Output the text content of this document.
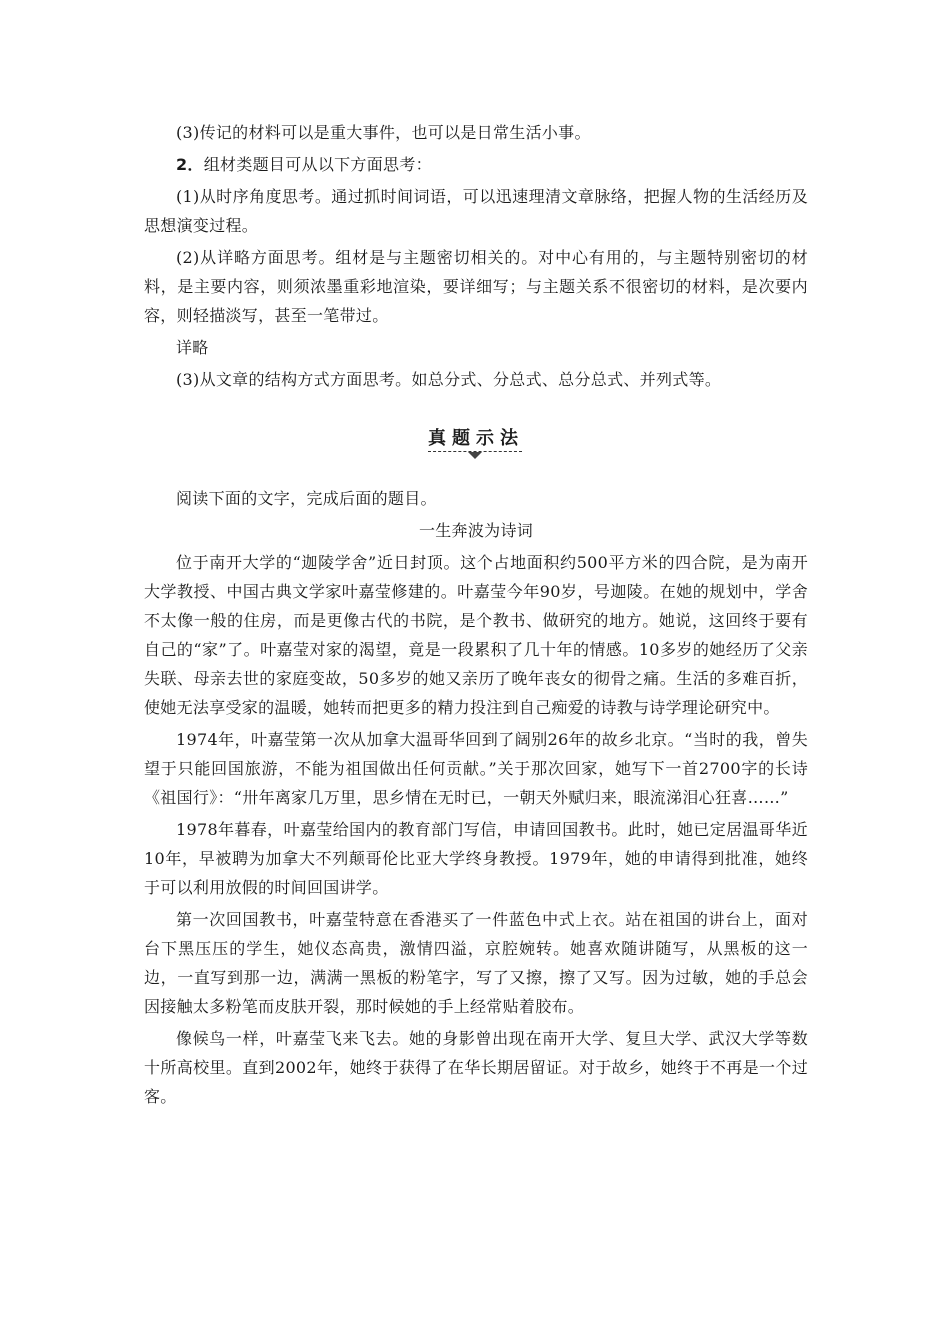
(3)传记的材料可以是重大事件，也可以是日常生活小事。

2．组材类题目可从以下方面思考：

(1)从时序角度思考。通过抓时间词语，可以迅速理清文章脉络，把握人物的生活经历及思想演变过程。

(2)从详略方面思考。组材是与主题密切相关的。对中心有用的，与主题特别密切的材料，是主要内容，则须浓墨重彩地渲染，要详细写；与主题关系不很密切的材料，是次要内容，则轻描淡写，甚至一笔带过。

详略

(3)从文章的结构方式方面思考。如总分式、分总式、总分总式、并列式等。

真题示法

阅读下面的文字，完成后面的题目。

一生奔波为诗词

位于南开大学的“迦陵学舍”近日封顶。这个占地面积约500平方米的四合院，是为南开大学教授、中国古典文学家叶嘉莹修建的。叶嘉莹今年90岁，号迦陵。在她的规划中，学舍不太像一般的住房，而是更像古代的书院，是个教书、做研究的地方。她说，这回终于要有自己的“家”了。叶嘉莹对家的渴望，竟是一段累积了几十年的情感。10多岁的她经历了父亲失联、母亲去世的家庭变故，50多岁的她又亲历了晚年丧女的彻骨之痛。生活的多难百折，使她无法享受家的温暖，她转而把更多的精力投注到自己痴爱的诗教与诗学理论研究中。

1974年，叶嘉莹第一次从加拿大温哥华回到了阔别26年的故乡北京。“当时的我，曾失望于只能回国旅游，不能为祖国做出任何贡献。”关于那次回家，她写下一首2700字的长诗《祖国行》：“卅年离家几万里，思乡情在无时已，一朝天外赋归来，眼流涕泪心狂喜……”

1978年暮春，叶嘉莹给国内的教育部门写信，申请回国教书。此时，她已定居温哥华近10年，早被聘为加拿大不列颠哥伦比亚大学终身教授。1979年，她的申请得到批准，她终于可以利用放假的时间回国讲学。

第一次回国教书，叶嘉莹特意在香港买了一件蓝色中式上衣。站在祖国的讲台上，面对台下黑压压的学生，她仪态高贵，激情四溢，京腔婉转。她喜欢随讲随写，从黑板的这一边，一直写到那一边，满满一黑板的粉笔字，写了又擦，擦了又写。因为过敏，她的手总会因接触太多粉笔而皮肤开裂，那时候她的手上经常贴着胶布。

像候鸟一样，叶嘉莹飞来飞去。她的身影曾出现在南开大学、复旦大学、武汉大学等数十所高校里。直到2002年，她终于获得了在华长期居留证。对于故乡，她终于不再是一个过客。
